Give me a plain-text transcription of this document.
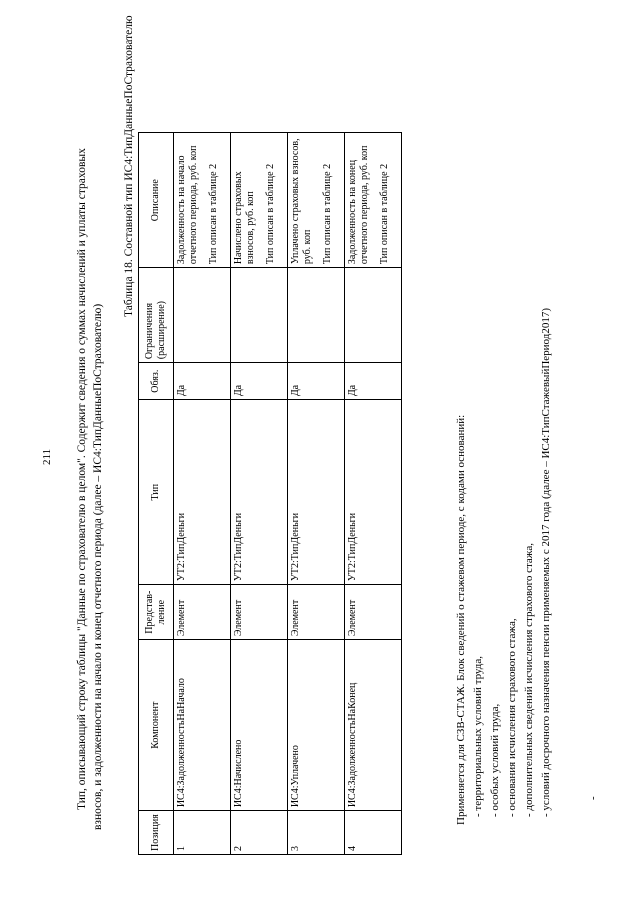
211 Тип, описывающий строку таблицы "Данные по страхователю в целом". Содержит сведения о суммах начислений и уплаты страховых взносов, и задолженности на начало и конец отчетного периода (далее – ИС4:ТипДанныеПоСтрахователю)
Таблица 18. Составной тип ИС4:ТипДанныеПоСтрахователю
Позиция	Компонент	Представ-ление	Тип	Обяз.	Ограничения (расширение)	Описание
1	ИС4:ЗадолженностьНаНачало	Элемент	УТ2:ТипДеньги	Да		Задолженность на начало отчетного периода, руб. коп Тип описан в таблице 2

2	ИС4:Начислено	Элемент	УТ2:ТипДеньги	Да		Начислено страховых взносов, руб. коп Тип описан в таблице 2

3	ИС4:Уплачено	Элемент	УТ2:ТипДеньги	Да		Уплачено страховых взносов, руб. коп Тип описан в таблице 2

4	ИС4:ЗадолженностьНаКонец	Элемент	УТ2:ТипДеньги	Да		Задолженность на конец отчетного периода, руб. коп Тип описан в таблице 2

Применяется для СЗВ-СТАЖ. Блок сведений о стажевом периоде, с кодами оснований: - территориальных условий труда, - особых условий труда, - основания исчисления страхового стажа, - дополнительных сведений исчисления страхового стажа, - условий досрочного назначения пенсии применяемых с 2017 года (далее – ИС4:ТипСтажевыйПериод2017)	-
